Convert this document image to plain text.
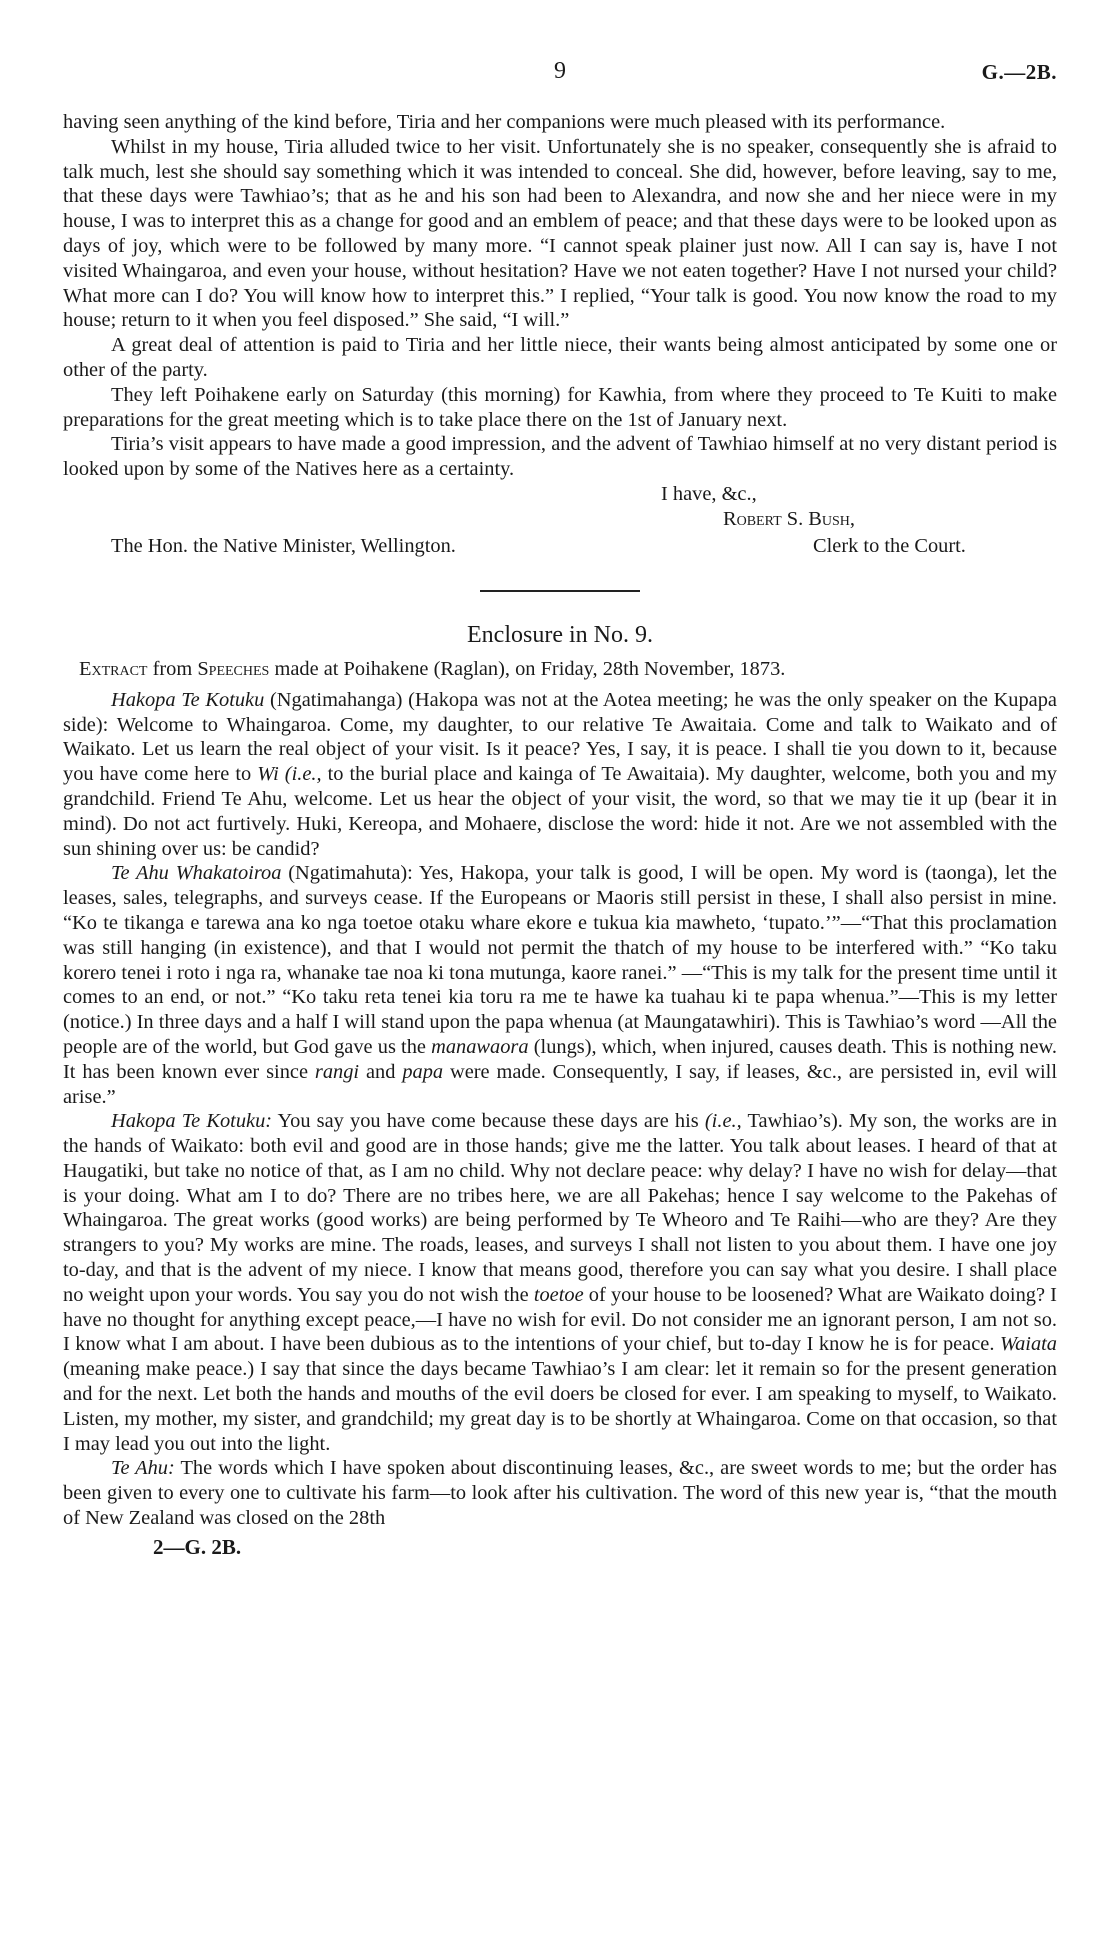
9	G.—2B.

having seen anything of the kind before, Tiria and her companions were much pleased with its performance.

Whilst in my house, Tiria alluded twice to her visit. Unfortunately she is no speaker, consequently she is afraid to talk much, lest she should say something which it was intended to conceal. She did, however, before leaving, say to me, that these days were Tawhiao’s; that as he and his son had been to Alexandra, and now she and her niece were in my house, I was to interpret this as a change for good and an emblem of peace; and that these days were to be looked upon as days of joy, which were to be followed by many more. “I cannot speak plainer just now. All I can say is, have I not visited Whaingaroa, and even your house, without hesitation? Have we not eaten together? Have I not nursed your child? What more can I do? You will know how to interpret this.” I replied, “Your talk is good. You now know the road to my house; return to it when you feel disposed.” She said, “I will.”

A great deal of attention is paid to Tiria and her little niece, their wants being almost anticipated by some one or other of the party.

They left Poihakene early on Saturday (this morning) for Kawhia, from where they proceed to Te Kuiti to make preparations for the great meeting which is to take place there on the 1st of January next.

Tiria’s visit appears to have made a good impression, and the advent of Tawhiao himself at no very distant period is looked upon by some of the Natives here as a certainty.

I have, &c.,
Robert S. Bush,
The Hon. the Native Minister, Wellington.	Clerk to the Court.
Enclosure in No. 9.
Extract from Speeches made at Poihakene (Raglan), on Friday, 28th November, 1873.

Hakopa Te Kotuku (Ngatimahanga) (Hakopa was not at the Aotea meeting; he was the only speaker on the Kupapa side): Welcome to Whaingaroa. Come, my daughter, to our relative Te Awaitaia. Come and talk to Waikato and of Waikato. Let us learn the real object of your visit. Is it peace? Yes, I say, it is peace. I shall tie you down to it, because you have come here to Wi (i.e., to the burial place and kainga of Te Awaitaia). My daughter, welcome, both you and my grandchild. Friend Te Ahu, welcome. Let us hear the object of your visit, the word, so that we may tie it up (bear it in mind). Do not act furtively. Huki, Kereopa, and Mohaere, disclose the word: hide it not. Are we not assembled with the sun shining over us: be candid?

Te Ahu Whakatoiroa (Ngatimahuta): Yes, Hakopa, your talk is good, I will be open. My word is (taonga), let the leases, sales, telegraphs, and surveys cease. If the Europeans or Maoris still persist in these, I shall also persist in mine. “Ko te tikanga e tarewa ana ko nga toetoe otaku whare ekore e tukua kia mawheto, ‘tupato.’”—“That this proclamation was still hanging (in existence), and that I would not permit the thatch of my house to be interfered with.” “Ko taku korero tenei i roto i nga ra, whanake tae noa ki tona mutunga, kaore ranei.” —“This is my talk for the present time until it comes to an end, or not.” “Ko taku reta tenei kia toru ra me te hawe ka tuahau ki te papa whenua.”—This is my letter (notice.) In three days and a half I will stand upon the papa whenua (at Maungatawhiri). This is Tawhiao’s word —All the people are of the world, but God gave us the manawaora (lungs), which, when injured, causes death. This is nothing new. It has been known ever since rangi and papa were made. Consequently, I say, if leases, &c., are persisted in, evil will arise.”

Hakopa Te Kotuku: You say you have come because these days are his (i.e., Tawhiao’s). My son, the works are in the hands of Waikato: both evil and good are in those hands; give me the latter. You talk about leases. I heard of that at Haugatiki, but take no notice of that, as I am no child. Why not declare peace: why delay? I have no wish for delay—that is your doing. What am I to do? There are no tribes here, we are all Pakehas; hence I say welcome to the Pakehas of Whaingaroa. The great works (good works) are being performed by Te Wheoro and Te Raihi—who are they? Are they strangers to you? My works are mine. The roads, leases, and surveys I shall not listen to you about them. I have one joy to-day, and that is the advent of my niece. I know that means good, therefore you can say what you desire. I shall place no weight upon your words. You say you do not wish the toetoe of your house to be loosened? What are Waikato doing? I have no thought for anything except peace,—I have no wish for evil. Do not consider me an ignorant person, I am not so. I know what I am about. I have been dubious as to the intentions of your chief, but to-day I know he is for peace. Waiata (meaning make peace.) I say that since the days became Tawhiao’s I am clear: let it remain so for the present generation and for the next. Let both the hands and mouths of the evil doers be closed for ever. I am speaking to myself, to Waikato. Listen, my mother, my sister, and grandchild; my great day is to be shortly at Whaingaroa. Come on that occasion, so that I may lead you out into the light.

Te Ahu: The words which I have spoken about discontinuing leases, &c., are sweet words to me; but the order has been given to every one to cultivate his farm—to look after his cultivation. The word of this new year is, “that the mouth of New Zealand was closed on the 28th

2—G. 2B.
